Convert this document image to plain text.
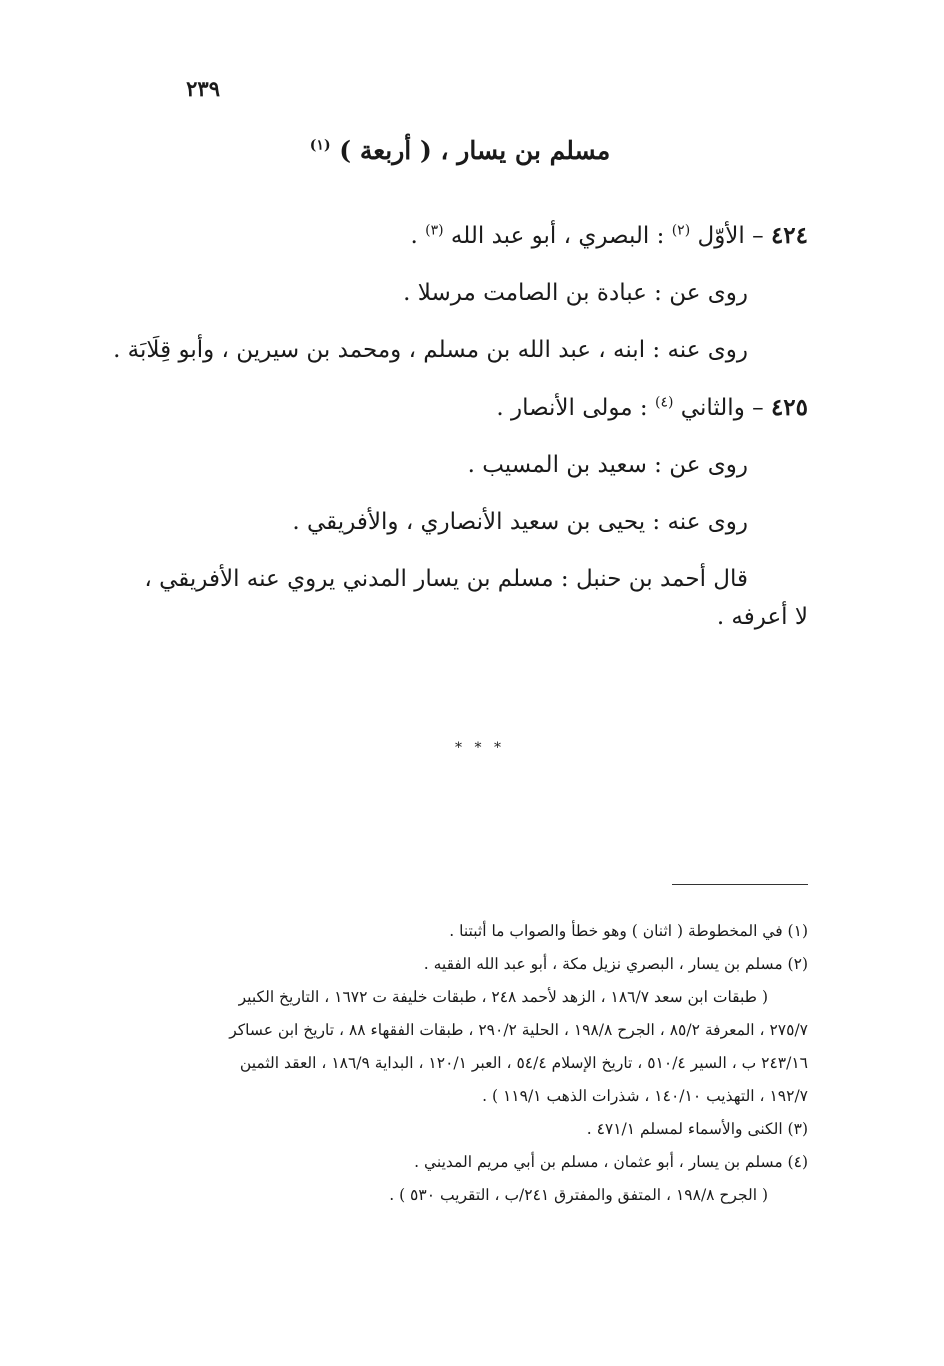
٢٣٩
مسلم بن يسار ، ( أربعة ) $^{(١)}$
٤٢٤ – الأوّل $^{(٢)}$ : البصري ، أبو عبد الله $^{(٣)}$ .
روى عن : عبادة بن الصامت مرسلا .
روى عنه : ابنه ، عبد الله بن مسلم ، ومحمد بن سيرين ، وأبو قِلَابَة .
٤٢٥ – والثاني $^{(٤)}$ : مولى الأنصار .
روى عن : سعيد بن المسيب .
روى عنه : يحيى بن سعيد الأنصاري ، والأفريقي .
قال أحمد بن حنبل : مسلم بن يسار المدني يروي عنه الأفريقي ،
لا أعرفه .
* * *
(١) في المخطوطة ( اثنان ) وهو خطأ والصواب ما أثبتنا .
(٢) مسلم بن يسار ، البصري نزيل مكة ، أبو عبد الله الفقيه .
( طبقات ابن سعد ١٨٦/٧ ، الزهد لأحمد ٢٤٨ ، طبقات خليفة ت ١٦٧٢ ، التاريخ الكبير
٢٧٥/٧ ، المعرفة ٨٥/٢ ، الجرح ١٩٨/٨ ، الحلية ٢٩٠/٢ ، طبقات الفقهاء ٨٨ ، تاريخ ابن عساكر
٢٤٣/١٦ ب ، السير ٥١٠/٤ ، تاريخ الإسلام ٥٤/٤ ، العبر ١٢٠/١ ، البداية ١٨٦/٩ ، العقد الثمين
١٩٢/٧ ، التهذيب ١٤٠/١٠ ، شذرات الذهب ١١٩/١ ) .
(٣) الكنى والأسماء لمسلم ٤٧١/١ .
(٤) مسلم بن يسار ، أبو عثمان ، مسلم بن أبي مريم المديني .
( الجرح ١٩٨/٨ ، المتفق والمفترق ٢٤١/ب ، التقريب ٥٣٠ ) .
